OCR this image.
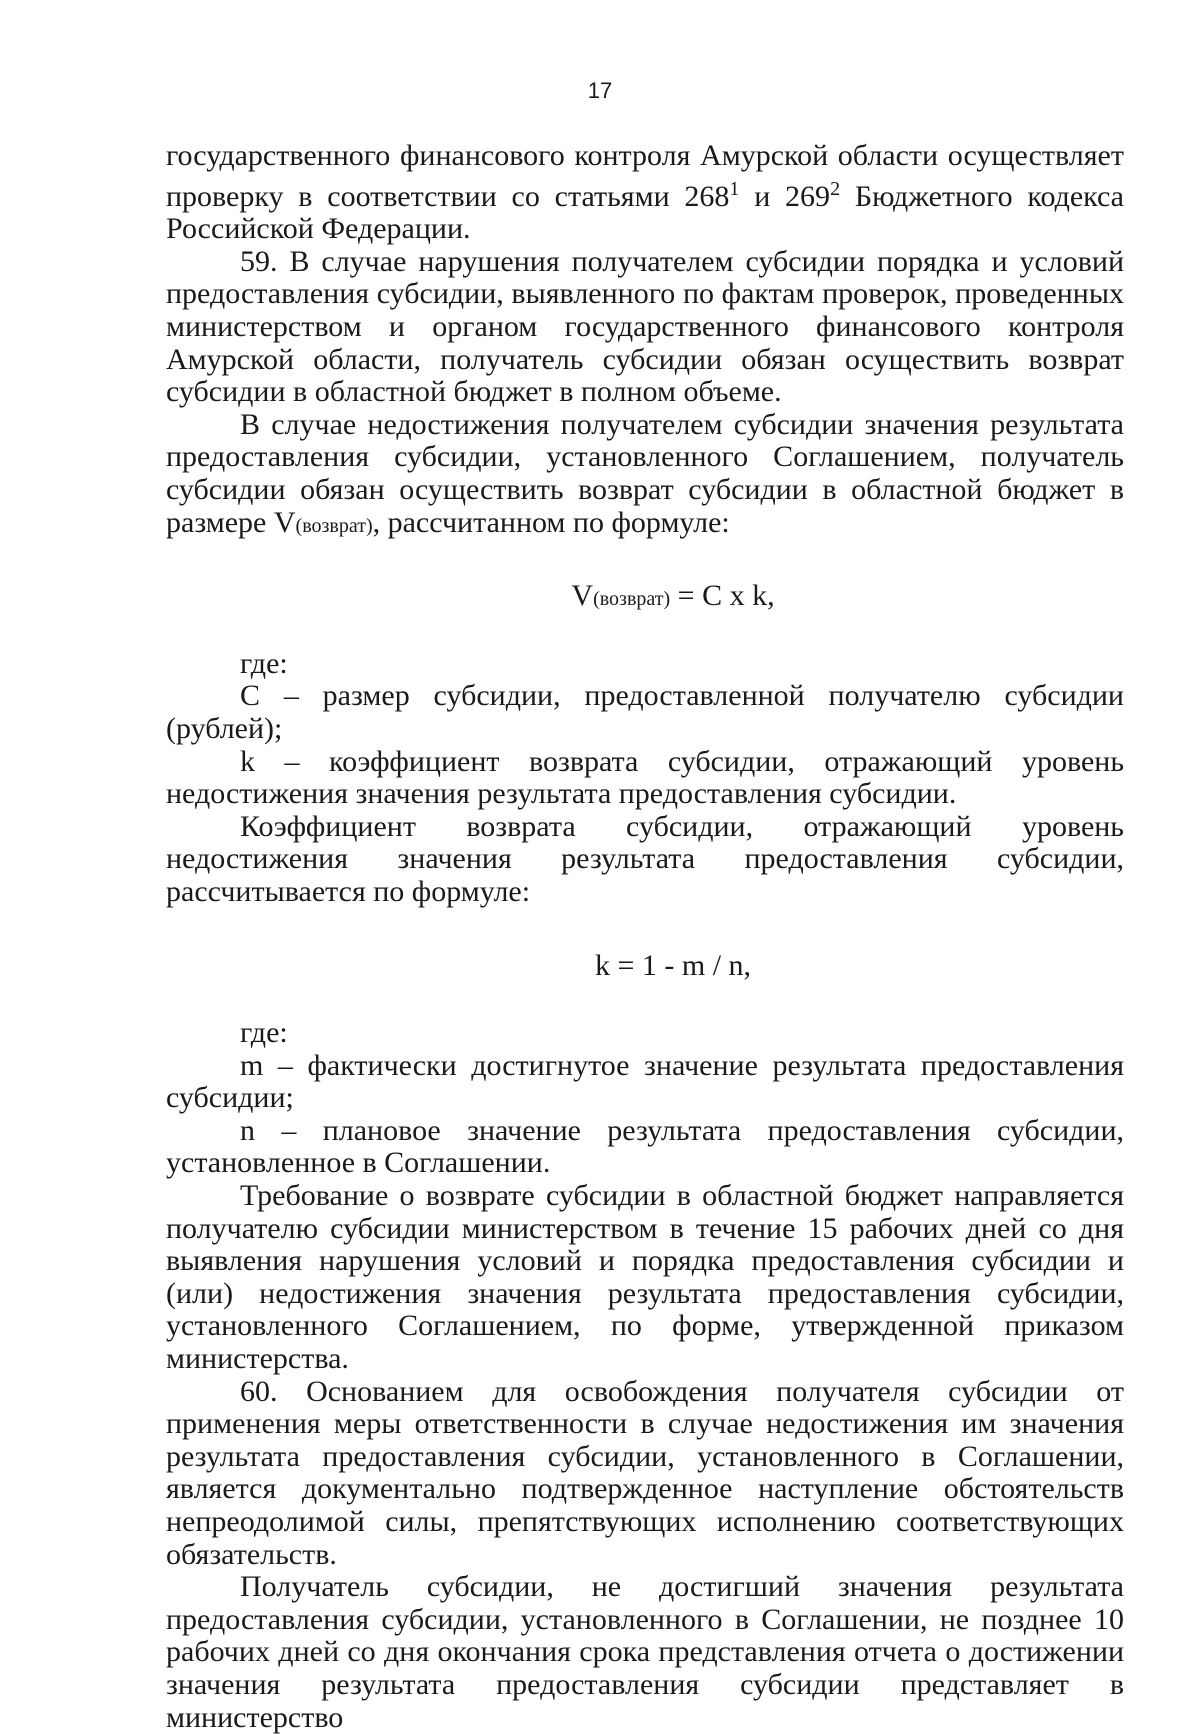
17

государственного финансового контроля Амурской области осуществляет

проверку в соответствии со статьями $268^1$ и $269^2$ Бюджетного кодекса

Российской Федерации.

59. В случае нарушения получателем субсидии порядка и условий предоставления субсидии, выявленного по фактам проверок, проведенных министерством и органом государственного финансового контроля Амурской области, получатель субсидии обязан осуществить возврат субсидии в областной бюджет в полном объеме.

В случае недостижения получателем субсидии значения результата предоставления субсидии, установленного Соглашением, получатель субсидии обязан осуществить возврат субсидии в областной бюджет в размере V(возврат), рассчитанном по формуле:

V(возврат) = C x k,

где:

C – размер субсидии, предоставленной получателю субсидии (рублей);

k – коэффициент возврата субсидии, отражающий уровень недостижения значения результата предоставления субсидии.

Коэффициент возврата субсидии, отражающий уровень недостижения значения результата предоставления субсидии, рассчитывается по формуле:

k = 1 - m / n,

где:

m – фактически достигнутое значение результата предоставления субсидии;

n – плановое значение результата предоставления субсидии, установленное в Соглашении.

Требование о возврате субсидии в областной бюджет направляется получателю субсидии министерством в течение 15 рабочих дней со дня выявления нарушения условий и порядка предоставления субсидии и (или) недостижения значения результата предоставления субсидии, установленного Соглашением, по форме, утвержденной приказом министерства.

60. Основанием для освобождения получателя субсидии от применения меры ответственности в случае недостижения им значения результата предоставления субсидии, установленного в Соглашении, является документально подтвержденное наступление обстоятельств непреодолимой силы, препятствующих исполнению соответствующих обязательств.

Получатель субсидии, не достигший значения результата предоставления субсидии, установленного в Соглашении, не позднее 10 рабочих дней со дня окончания срока представления отчета о достижении значения результата предоставления субсидии представляет в министерство
